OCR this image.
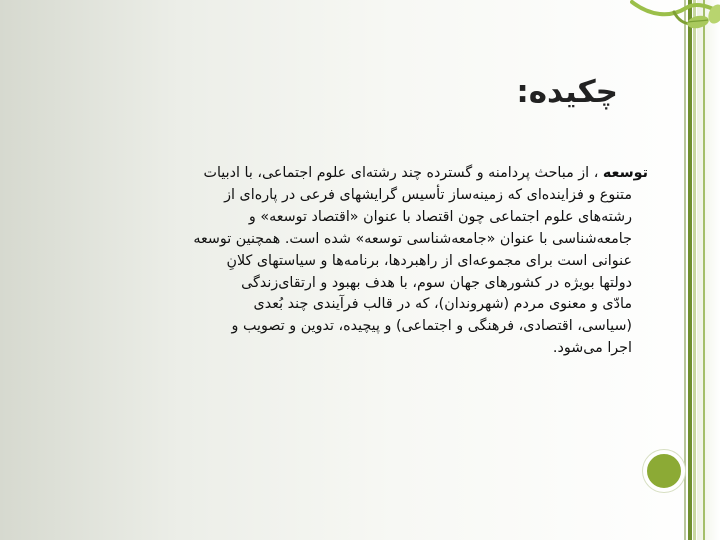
چکیده:
توسعه ، از مباحث پردامنه و گسترده چند رشته‌ای علوم اجتماعی، با ادبیات
متنوع و فزاینده‌ای که زمینه‌ساز تأسیس گرایشهای فرعی در پاره‌ای از
رشته‌های علوم اجتماعی چون اقتصاد با عنوان «اقتصاد توسعه» و
جامعه‌شناسی با عنوان «جامعه‌شناسی توسعه» شده است. همچنین توسعه
عنوانی است برای مجموعه‌ای از راهبردها، برنامه‌ها و سیاستهای کلانِ
دولتها بویژه در کشورهای جهان سوم، با هدف بهبود و ارتقای‌زندگی
مادّی و معنوی مردم (شهروندان)، که در قالب فرآیندی چند بُعدی
(سیاسی، اقتصادی، فرهنگی و اجتماعی) و پیچیده، تدوین و تصویب و
اجرا می‌شود.
